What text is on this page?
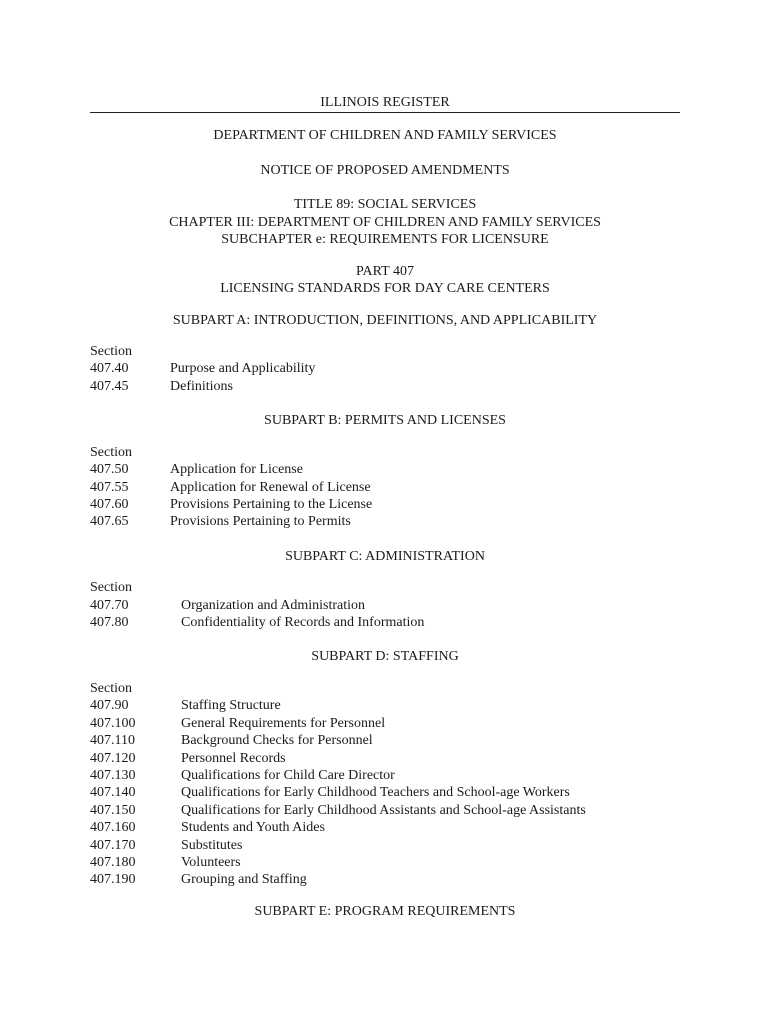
ILLINOIS REGISTER
DEPARTMENT OF CHILDREN AND FAMILY SERVICES
NOTICE OF PROPOSED AMENDMENTS
TITLE 89: SOCIAL SERVICES
CHAPTER III: DEPARTMENT OF CHILDREN AND FAMILY SERVICES
SUBCHAPTER e: REQUIREMENTS FOR LICENSURE
PART 407
LICENSING STANDARDS FOR DAY CARE CENTERS
SUBPART A: INTRODUCTION, DEFINITIONS, AND APPLICABILITY
Section
407.40	Purpose and Applicability
407.45	Definitions
SUBPART B: PERMITS AND LICENSES
Section
407.50	Application for License
407.55	Application for Renewal of License
407.60	Provisions Pertaining to the License
407.65	Provisions Pertaining to Permits
SUBPART C: ADMINISTRATION
Section
407.70	Organization and Administration
407.80	Confidentiality of Records and Information
SUBPART D: STAFFING
Section
407.90	Staffing Structure
407.100	General Requirements for Personnel
407.110	Background Checks for Personnel
407.120	Personnel Records
407.130	Qualifications for Child Care Director
407.140	Qualifications for Early Childhood Teachers and School-age Workers
407.150	Qualifications for Early Childhood Assistants and School-age Assistants
407.160	Students and Youth Aides
407.170	Substitutes
407.180	Volunteers
407.190	Grouping and Staffing
SUBPART E: PROGRAM REQUIREMENTS
